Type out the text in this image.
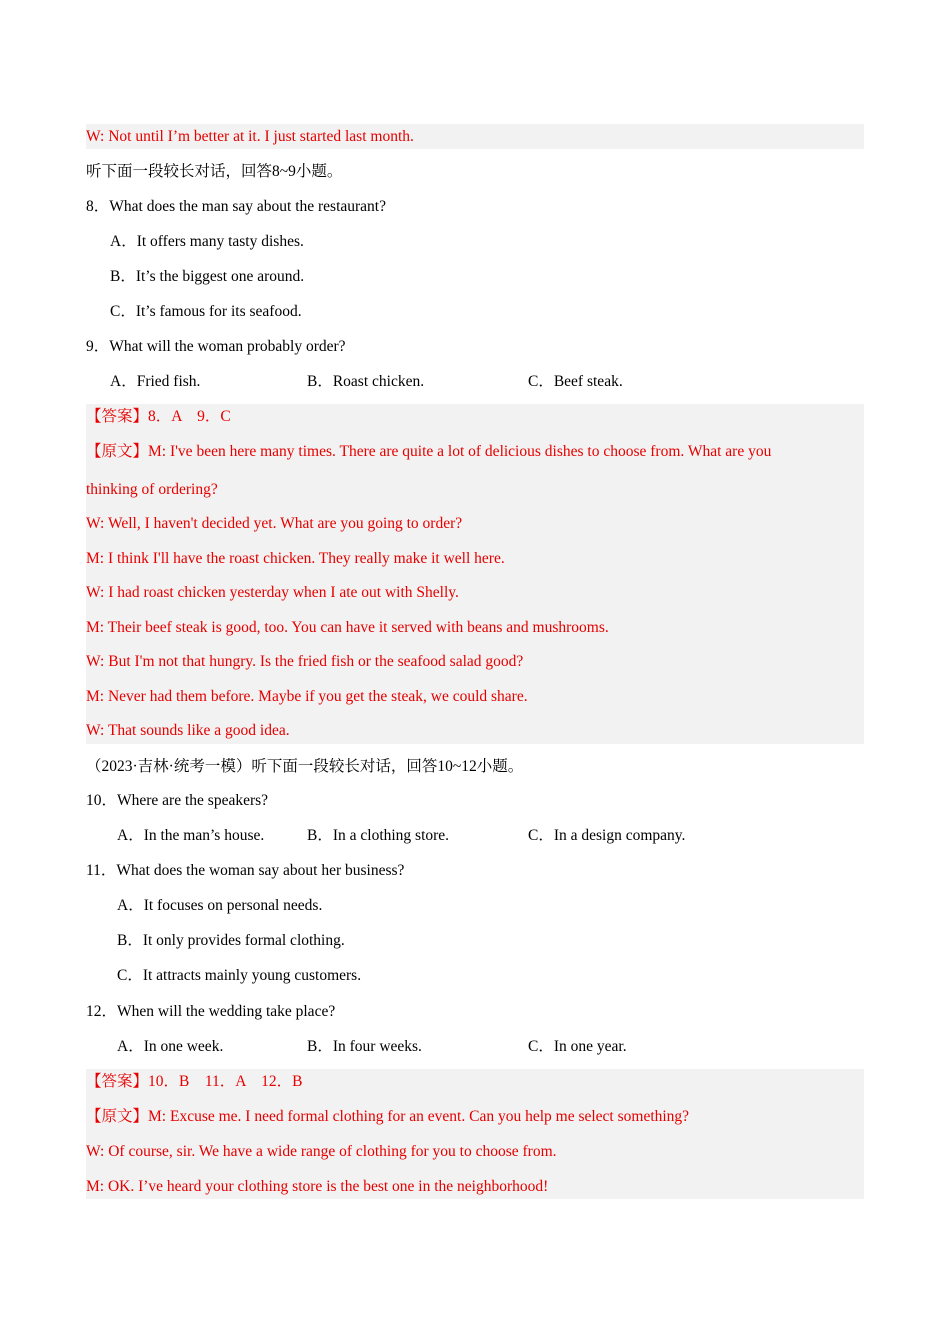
W: Not until I’m better at it. I just started last month.
听下面一段较长对话，回答8~9小题。
8．What does the man say about the restaurant?
A．It offers many tasty dishes.
B．It’s the biggest one around.
C．It’s famous for its seafood.
9．What will the woman probably order?
A．Fried fish.	B．Roast chicken.	C．Beef steak.
【答案】8．A　9．C
【原文】M: I've been here many times. There are quite a lot of delicious dishes to choose from. What are you
thinking of ordering?
W: Well, I haven't decided yet. What are you going to order?
M: I think I'll have the roast chicken. They really make it well here.
W: I had roast chicken yesterday when I ate out with Shelly.
M: Their beef steak is good, too. You can have it served with beans and mushrooms.
W: But I'm not that hungry. Is the fried fish or the seafood salad good?
M: Never had them before. Maybe if you get the steak, we could share.
W: That sounds like a good idea.
（2023·吉林·统考一模）听下面一段较长对话，回答10~12小题。
10．Where are the speakers?
A．In the man’s house.	B．In a clothing store.	C．In a design company.
11．What does the woman say about her business?
A．It focuses on personal needs.
B．It only provides formal clothing.
C．It attracts mainly young customers.
12．When will the wedding take place?
A．In one week.	B．In four weeks.	C．In one year.
【答案】10．B　11．A　12．B
【原文】M: Excuse me. I need formal clothing for an event. Can you help me select something?
W: Of course, sir. We have a wide range of clothing for you to choose from.
M: OK. I’ve heard your clothing store is the best one in the neighborhood!
